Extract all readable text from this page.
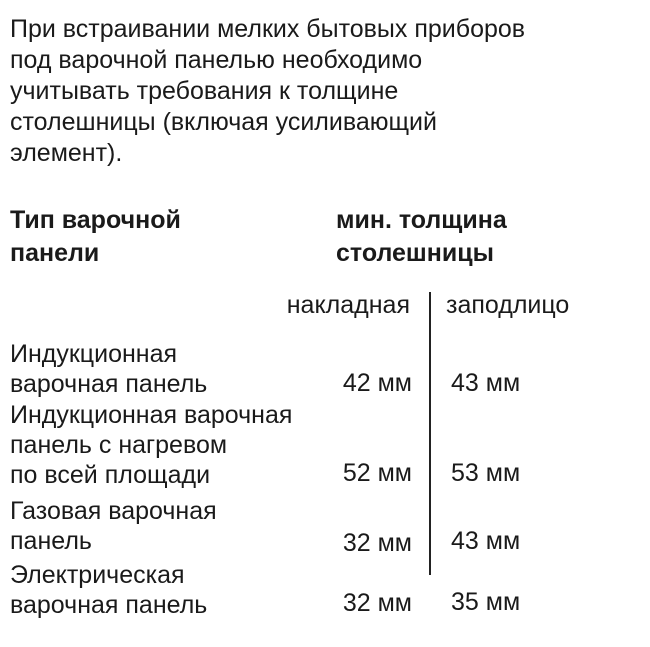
При встраивании мелких бытовых приборов
под варочной панелью необходимо
учитывать требования к толщине
столешницы (включая усиливающий
элемент).
Тип варочной
панели
мин. толщина
столешницы
накладная заподлицо
Индукционная
варочная панель	42 мм 43 мм
Индукционная варочная
панель с нагревом
по всей площади	52 мм 53 мм
Газовая варочная
панель	32 мм 43 мм
Электрическая
варочная панель	32 мм 35 мм
